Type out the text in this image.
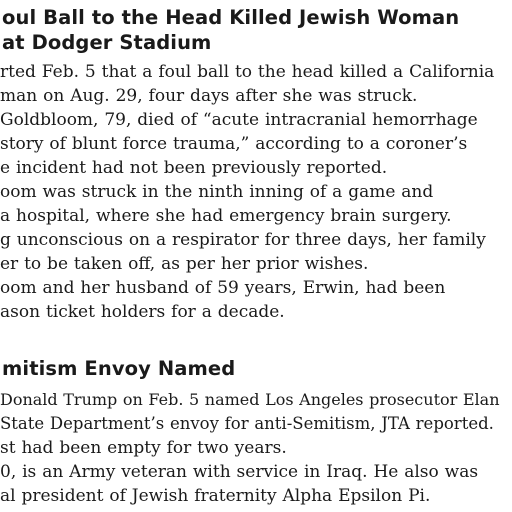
oul Ball to the Head Killed Jewish Woman
at Dodger Stadium

rted Feb. 5 that a foul ball to the head killed a California

man on Aug. 29, four days after she was struck.

Goldbloom, 79, died of “acute intracranial hemorrhage

story of blunt force trauma,” according to a coroner’s

e incident had not been previously reported.

oom was struck in the ninth inning of a game and

a hospital, where she had emergency brain surgery.

g unconscious on a respirator for three days, her family

er to be taken off, as per her prior wishes.

oom and her husband of 59 years, Erwin, had been

ason ticket holders for a decade.

mitism Envoy Named

Donald Trump on Feb. 5 named Los Angeles prosecutor Elan

State Department’s envoy for anti-Semitism, JTA reported.

st had been empty for two years.

0, is an Army veteran with service in Iraq. He also was

al president of Jewish fraternity Alpha Epsilon Pi.
